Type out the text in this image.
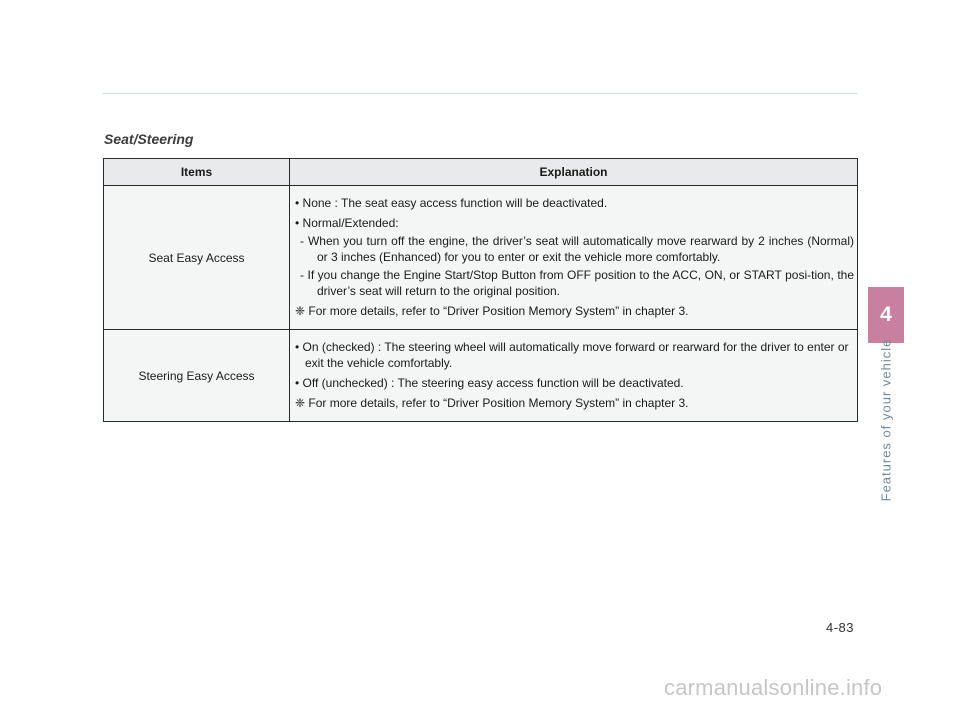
Seat/Steering
Items	Explanation
Seat Easy Access	• None : The seat easy access function will be deactivated.

• Normal/Extended:

- When you turn off the engine, the driver’s seat will automatically move rearward by 2 inches (Normal) or 3 inches (Enhanced) for you to enter or exit the vehicle more comfortably.

- If you change the Engine Start/Stop Button from OFF position to the ACC, ON, or START posi-tion, the driver’s seat will return to the original position.

❈ For more details, refer to “Driver Position Memory System” in chapter 3.

Steering Easy Access	• On (checked) : The steering wheel will automatically move forward or rearward for the driver to enter or exit the vehicle comfortably.

• Off (unchecked) : The steering easy access function will be deactivated.

❈ For more details, refer to “Driver Position Memory System” in chapter 3.

4
Features of your vehicle
4-83
carmanualsonline.info
